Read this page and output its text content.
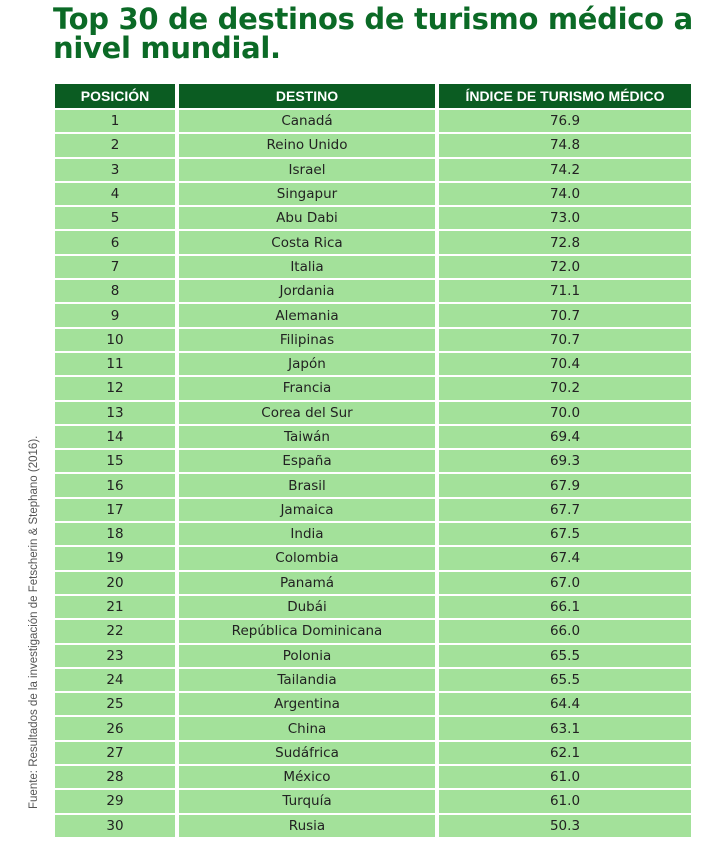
Top 30 de destinos de turismo médico a nivel mundial.
Fuente: Resultados de la investigación de Fetscherin & Stephano (2016).
POSICIÓN	DESTINO	ÍNDICE DE TURISMO MÉDICO
1	Canadá	76.9
2	Reino Unido	74.8
3	Israel	74.2
4	Singapur	74.0
5	Abu Dabi	73.0
6	Costa Rica	72.8
7	Italia	72.0
8	Jordania	71.1
9	Alemania	70.7
10	Filipinas	70.7
11	Japón	70.4
12	Francia	70.2
13	Corea del Sur	70.0
14	Taiwán	69.4
15	España	69.3
16	Brasil	67.9
17	Jamaica	67.7
18	India	67.5
19	Colombia	67.4
20	Panamá	67.0
21	Dubái	66.1
22	República Dominicana	66.0
23	Polonia	65.5
24	Tailandia	65.5
25	Argentina	64.4
26	China	63.1
27	Sudáfrica	62.1
28	México	61.0
29	Turquía	61.0
30	Rusia	50.3
